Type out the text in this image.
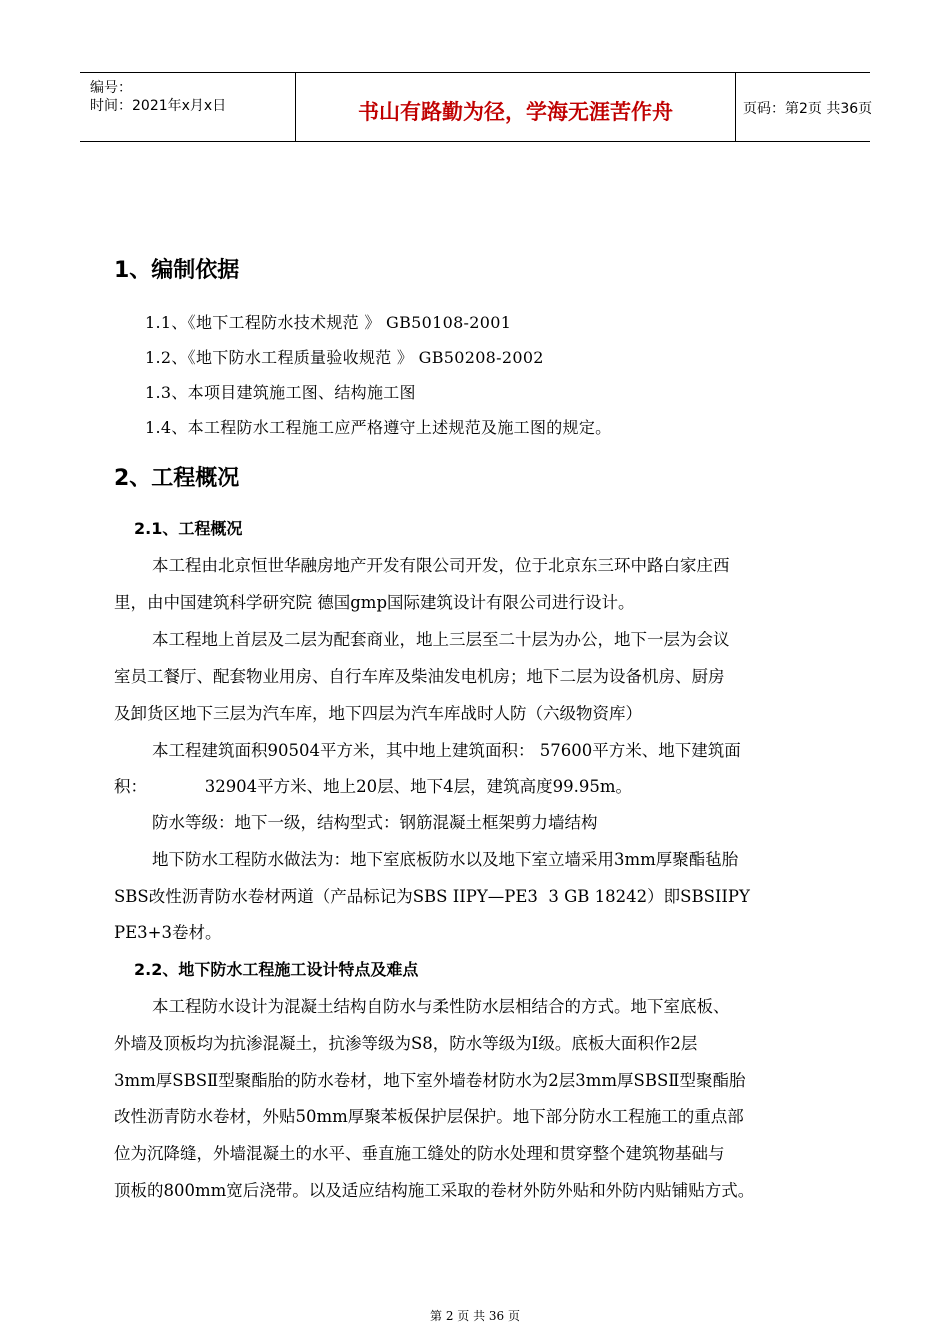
编号：
时间：2021年x月x日	书山有路勤为径，学海无涯苦作舟	页码：第2页 共36页
1、编制依据
1.1、《地下工程防水技术规范 》 GB50108-2001
1.2、《地下防水工程质量验收规范 》 GB50208-2002
1.3、本项目建筑施工图、结构施工图
1.4、本工程防水工程施工应严格遵守上述规范及施工图的规定。
2、工程概况
2.1、工程概况
本工程由北京恒世华融房地产开发有限公司开发，位于北京东三环中路白家庄西
里，由中国建筑科学研究院 德国gmp国际建筑设计有限公司进行设计。
本工程地上首层及二层为配套商业，地上三层至二十层为办公，地下一层为会议
室员工餐厅、配套物业用房、自行车库及柴油发电机房；地下二层为设备机房、厨房
及卸货区地下三层为汽车库，地下四层为汽车库战时人防（六级物资库）
本工程建筑面积90504平方米，其中地上建筑面积： 57600平方米、地下建筑面
积：           32904平方米、地上20层、地下4层，建筑高度99.95m。
防水等级：地下一级，结构型式：钢筋混凝土框架剪力墙结构
地下防水工程防水做法为：地下室底板防水以及地下室立墙采用3mm厚聚酯毡胎
SBS改性沥青防水卷材两道（产品标记为SBS IIPY—PE3  3 GB 18242）即SBSIIPY
PE3+3卷材。
2.2、地下防水工程施工设计特点及难点
本工程防水设计为混凝土结构自防水与柔性防水层相结合的方式。地下室底板、
外墙及顶板均为抗渗混凝土，抗渗等级为S8，防水等级为Ⅰ级。底板大面积作2层
3mm厚SBSⅡ型聚酯胎的防水卷材，地下室外墙卷材防水为2层3mm厚SBSⅡ型聚酯胎
改性沥青防水卷材，外贴50mm厚聚苯板保护层保护。地下部分防水工程施工的重点部
位为沉降缝，外墙混凝土的水平、垂直施工缝处的防水处理和贯穿整个建筑物基础与
顶板的800mm宽后浇带。以及适应结构施工采取的卷材外防外贴和外防内贴铺贴方式。
第 2 页 共 36 页
